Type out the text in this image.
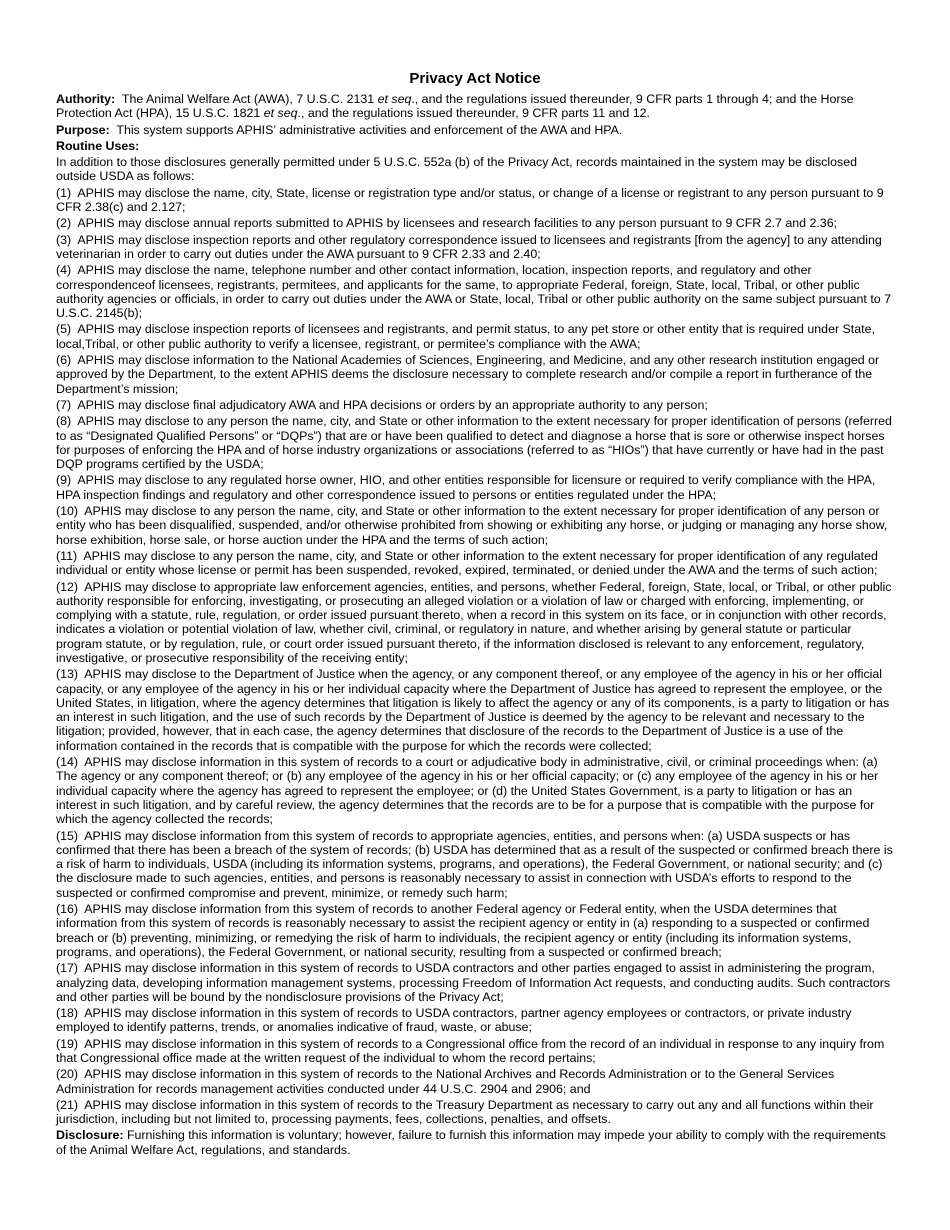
Privacy Act Notice

Authority: The Animal Welfare Act (AWA), 7 U.S.C. 2131 et seq., and the regulations issued thereunder, 9 CFR parts 1 through 4; and the Horse Protection Act (HPA), 15 U.S.C. 1821 et seq., and the regulations issued thereunder, 9 CFR parts 11 and 12.

Purpose: This system supports APHIS’ administrative activities and enforcement of the AWA and HPA.

Routine Uses:

In addition to those disclosures generally permitted under 5 U.S.C. 552a (b) of the Privacy Act, records maintained in the system may be disclosed outside USDA as follows:

(1) APHIS may disclose the name, city, State, license or registration type and/or status, or change of a license or registrant to any person pursuant to 9 CFR 2.38(c) and 2.127;

(2) APHIS may disclose annual reports submitted to APHIS by licensees and research facilities to any person pursuant to 9 CFR 2.7 and 2.36;

(3) APHIS may disclose inspection reports and other regulatory correspondence issued to licensees and registrants [from the agency] to any attending veterinarian in order to carry out duties under the AWA pursuant to 9 CFR 2.33 and 2.40;

(4) APHIS may disclose the name, telephone number and other contact information, location, inspection reports, and regulatory and other correspondenceof licensees, registrants, permitees, and applicants for the same, to appropriate Federal, foreign, State, local, Tribal, or other public authority agencies or officials, in order to carry out duties under the AWA or State, local, Tribal or other public authority on the same subject pursuant to 7 U.S.C. 2145(b);

(5) APHIS may disclose inspection reports of licensees and registrants, and permit status, to any pet store or other entity that is required under State, local,Tribal, or other public authority to verify a licensee, registrant, or permitee’s compliance with the AWA;

(6) APHIS may disclose information to the National Academies of Sciences, Engineering, and Medicine, and any other research institution engaged or approved by the Department, to the extent APHIS deems the disclosure necessary to complete research and/or compile a report in furtherance of the Department’s mission;

(7) APHIS may disclose final adjudicatory AWA and HPA decisions or orders by an appropriate authority to any person;

(8) APHIS may disclose to any person the name, city, and State or other information to the extent necessary for proper identification of persons (referred to as “Designated Qualified Persons” or “DQPs”) that are or have been qualified to detect and diagnose a horse that is sore or otherwise inspect horses for purposes of enforcing the HPA and of horse industry organizations or associations (referred to as “HIOs”) that have currently or have had in the past DQP programs certified by the USDA;

(9) APHIS may disclose to any regulated horse owner, HIO, and other entities responsible for licensure or required to verify compliance with the HPA, HPA inspection findings and regulatory and other correspondence issued to persons or entities regulated under the HPA;

(10) APHIS may disclose to any person the name, city, and State or other information to the extent necessary for proper identification of any person or entity who has been disqualified, suspended, and/or otherwise prohibited from showing or exhibiting any horse, or judging or managing any horse show, horse exhibition, horse sale, or horse auction under the HPA and the terms of such action;

(11) APHIS may disclose to any person the name, city, and State or other information to the extent necessary for proper identification of any regulated individual or entity whose license or permit has been suspended, revoked, expired, terminated, or denied under the AWA and the terms of such action;

(12) APHIS may disclose to appropriate law enforcement agencies, entities, and persons, whether Federal, foreign, State, local, or Tribal, or other public authority responsible for enforcing, investigating, or prosecuting an alleged violation or a violation of law or charged with enforcing, implementing, or complying with a statute, rule, regulation, or order issued pursuant thereto, when a record in this system on its face, or in conjunction with other records, indicates a violation or potential violation of law, whether civil, criminal, or regulatory in nature, and whether arising by general statute or particular program statute, or by regulation, rule, or court order issued pursuant thereto, if the information disclosed is relevant to any enforcement, regulatory, investigative, or prosecutive responsibility of the receiving entity;

(13) APHIS may disclose to the Department of Justice when the agency, or any component thereof, or any employee of the agency in his or her official capacity, or any employee of the agency in his or her individual capacity where the Department of Justice has agreed to represent the employee, or the United States, in litigation, where the agency determines that litigation is likely to affect the agency or any of its components, is a party to litigation or has an interest in such litigation, and the use of such records by the Department of Justice is deemed by the agency to be relevant and necessary to the litigation; provided, however, that in each case, the agency determines that disclosure of the records to the Department of Justice is a use of the information contained in the records that is compatible with the purpose for which the records were collected;

(14) APHIS may disclose information in this system of records to a court or adjudicative body in administrative, civil, or criminal proceedings when: (a) The agency or any component thereof; or (b) any employee of the agency in his or her official capacity; or (c) any employee of the agency in his or her individual capacity where the agency has agreed to represent the employee; or (d) the United States Government, is a party to litigation or has an interest in such litigation, and by careful review, the agency determines that the records are to be for a purpose that is compatible with the purpose for which the agency collected the records;

(15) APHIS may disclose information from this system of records to appropriate agencies, entities, and persons when: (a) USDA suspects or has confirmed that there has been a breach of the system of records; (b) USDA has determined that as a result of the suspected or confirmed breach there is a risk of harm to individuals, USDA (including its information systems, programs, and operations), the Federal Government, or national security; and (c) the disclosure made to such agencies, entities, and persons is reasonably necessary to assist in connection with USDA’s efforts to respond to the suspected or confirmed compromise and prevent, minimize, or remedy such harm;

(16) APHIS may disclose information from this system of records to another Federal agency or Federal entity, when the USDA determines that information from this system of records is reasonably necessary to assist the recipient agency or entity in (a) responding to a suspected or confirmed breach or (b) preventing, minimizing, or remedying the risk of harm to individuals, the recipient agency or entity (including its information systems, programs, and operations), the Federal Government, or national security, resulting from a suspected or confirmed breach;

(17) APHIS may disclose information in this system of records to USDA contractors and other parties engaged to assist in administering the program, analyzing data, developing information management systems, processing Freedom of Information Act requests, and conducting audits. Such contractors and other parties will be bound by the nondisclosure provisions of the Privacy Act;

(18) APHIS may disclose information in this system of records to USDA contractors, partner agency employees or contractors, or private industry employed to identify patterns, trends, or anomalies indicative of fraud, waste, or abuse;

(19) APHIS may disclose information in this system of records to a Congressional office from the record of an individual in response to any inquiry from that Congressional office made at the written request of the individual to whom the record pertains;

(20) APHIS may disclose information in this system of records to the National Archives and Records Administration or to the General Services Administration for records management activities conducted under 44 U.S.C. 2904 and 2906; and

(21) APHIS may disclose information in this system of records to the Treasury Department as necessary to carry out any and all functions within their jurisdiction, including but not limited to, processing payments, fees, collections, penalties, and offsets.

Disclosure: Furnishing this information is voluntary; however, failure to furnish this information may impede your ability to comply with the requirements of the Animal Welfare Act, regulations, and standards.
